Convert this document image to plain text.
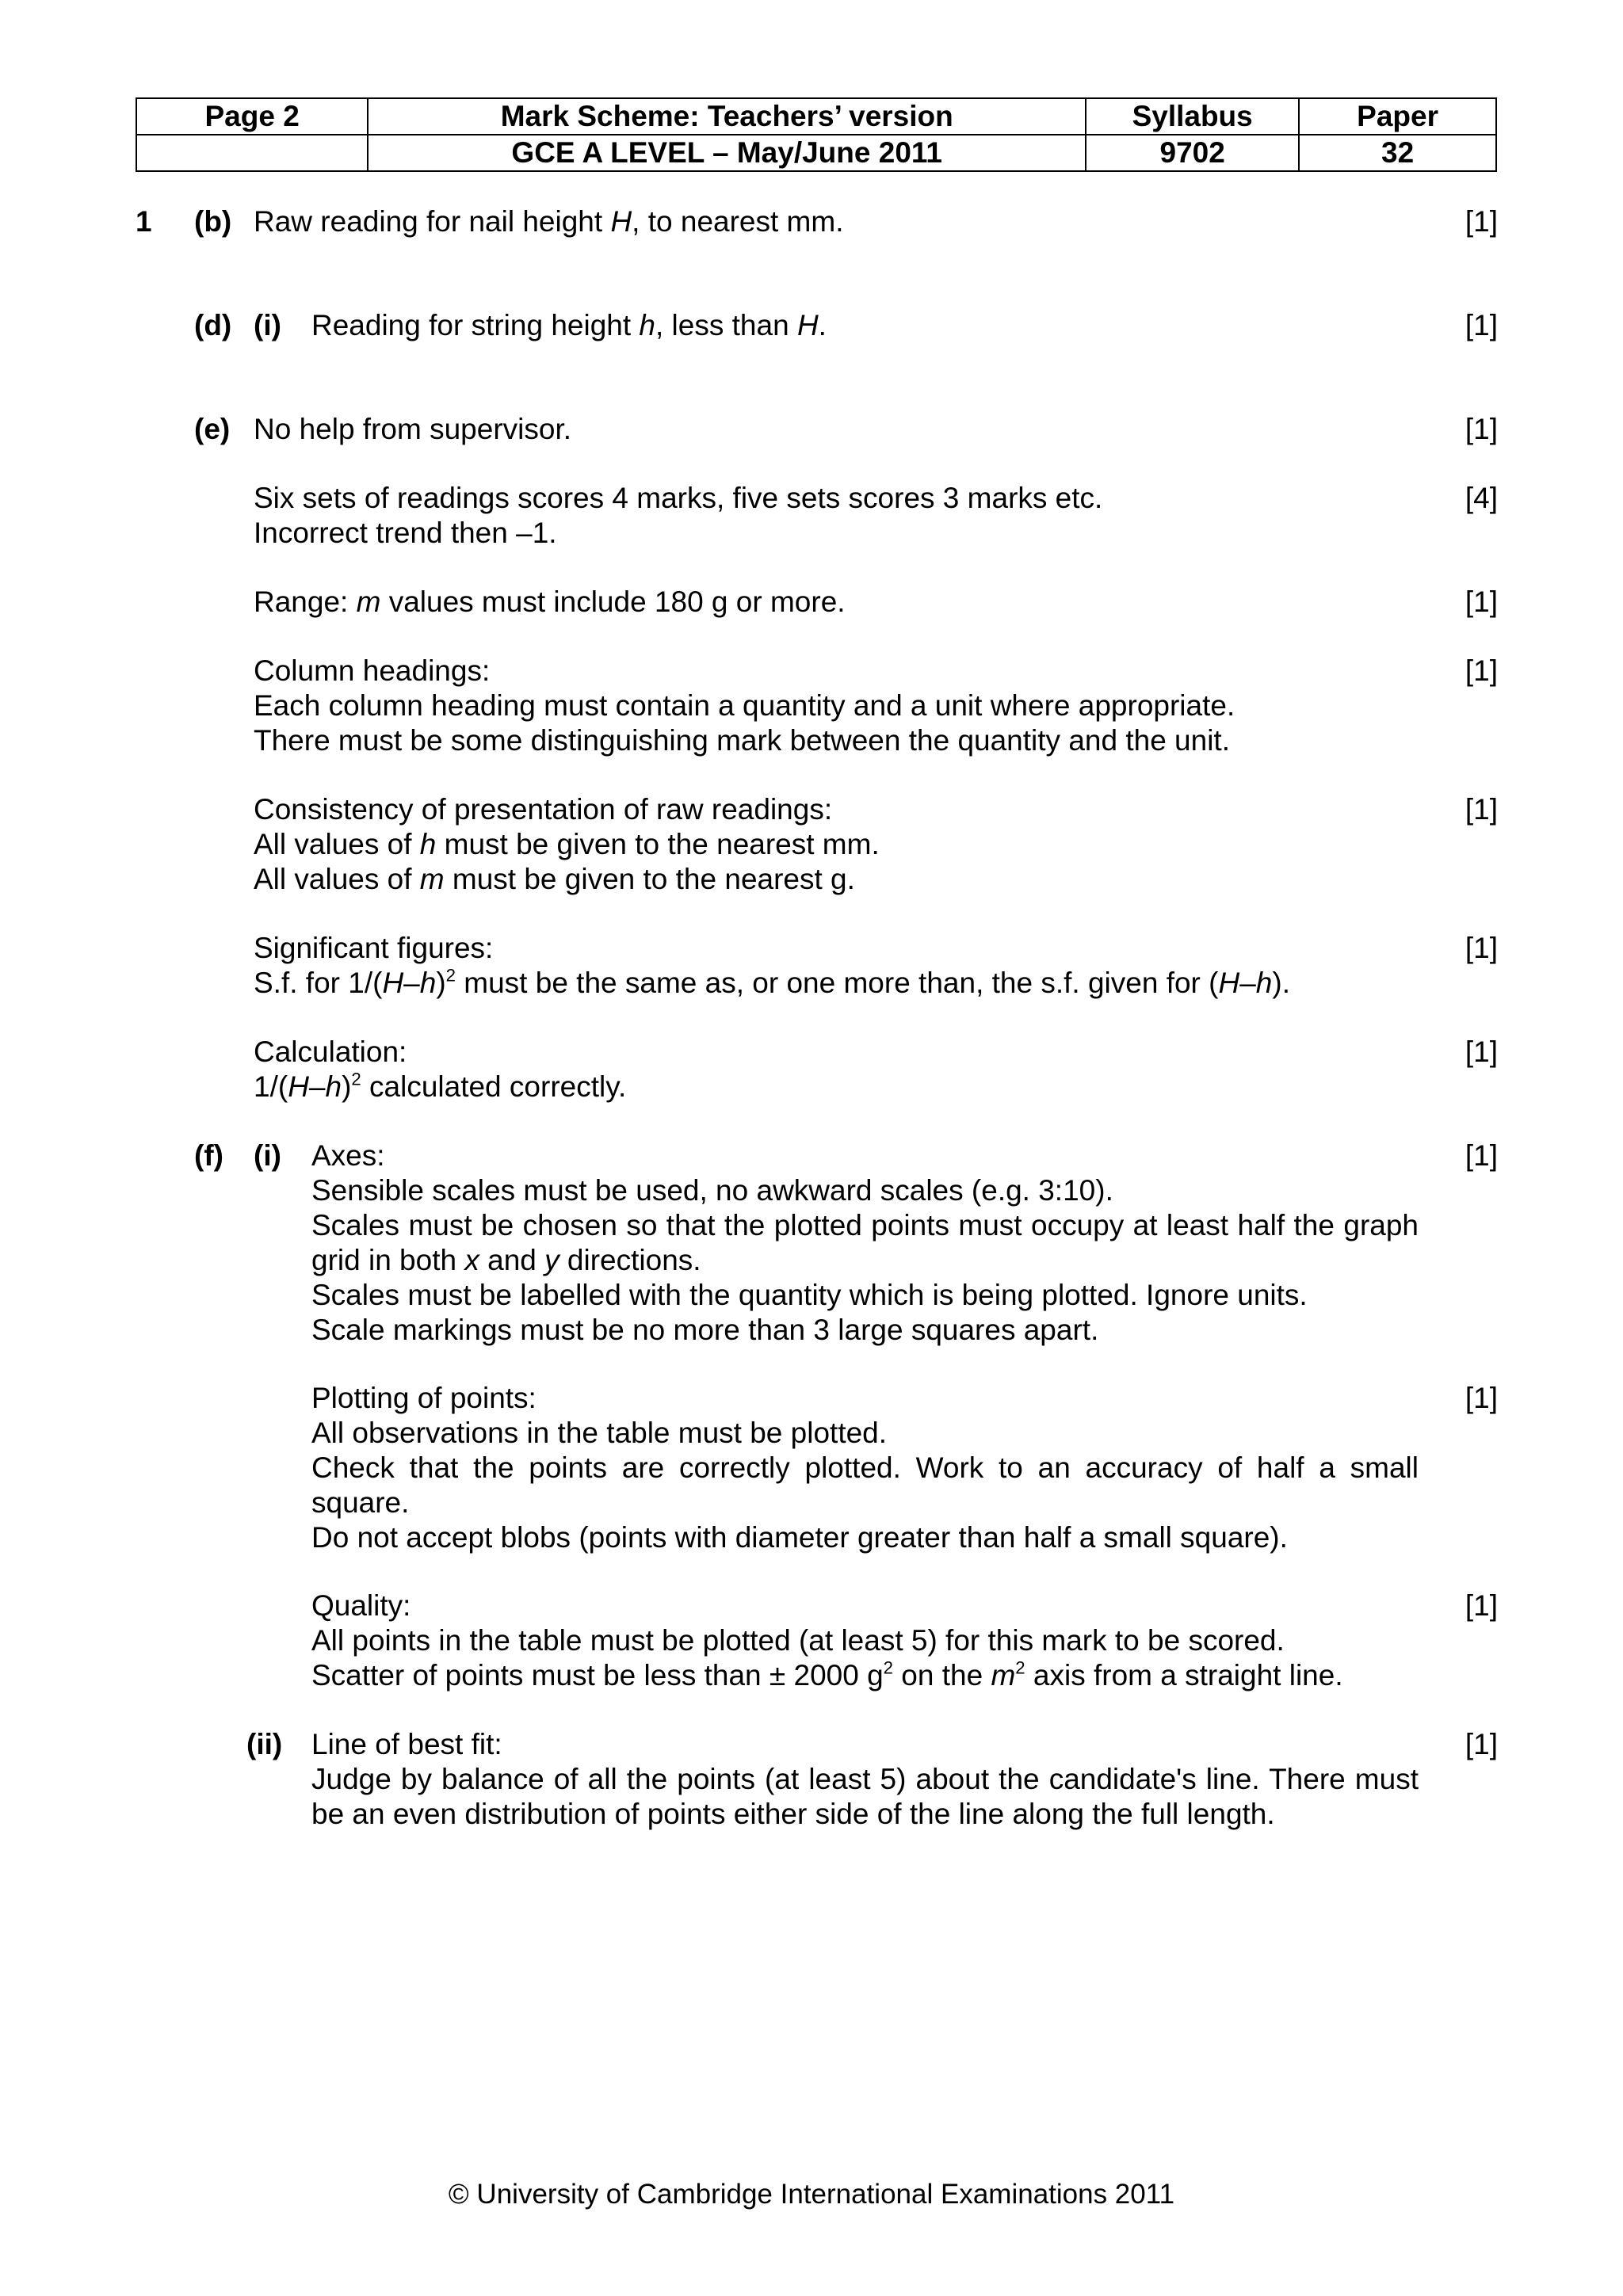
Page 2	Mark Scheme: Teachers’ version	Syllabus	Paper
	GCE A LEVEL – May/June 2011	9702	32
1 (b) Raw reading for nail height H, to nearest mm.	[1]
(d) (i) Reading for string height h, less than H.	[1]
(e) No help from supervisor.	[1]
Six sets of readings scores 4 marks, five sets scores 3 marks etc.
Incorrect trend then –1.
[4]
Range: m values must include 180 g or more.	[1]
Column headings:
Each column heading must contain a quantity and a unit where appropriate.
There must be some distinguishing mark between the quantity and the unit.
[1]
Consistency of presentation of raw readings:
All values of h must be given to the nearest mm.
All values of m must be given to the nearest g.
[1]
Significant figures:
S.f. for $1/(H-h)^2$ must be the same as, or one more than, the s.f. given for (H–h).
[1]
Calculation:
$1/(H-h)^2$ calculated correctly.
[1]
(f) (i) Axes:
Sensible scales must be used, no awkward scales (e.g. 3:10).
Scales must be chosen so that the plotted points must occupy at least half the graph grid in both x and y directions.
Scales must be labelled with the quantity which is being plotted. Ignore units.
Scale markings must be no more than 3 large squares apart.
[1]
Plotting of points:
All observations in the table must be plotted.
Check that the points are correctly plotted. Work to an accuracy of half a small square.
Do not accept blobs (points with diameter greater than half a small square).
[1]
Quality:
All points in the table must be plotted (at least 5) for this mark to be scored.
Scatter of points must be less than ± 2000 $g^2$ on the $m^2$ axis from a straight line.
[1]
(ii) Line of best fit:
Judge by balance of all the points (at least 5) about the candidate's line. There must be an even distribution of points either side of the line along the full length.
[1]
© University of Cambridge International Examinations 2011
